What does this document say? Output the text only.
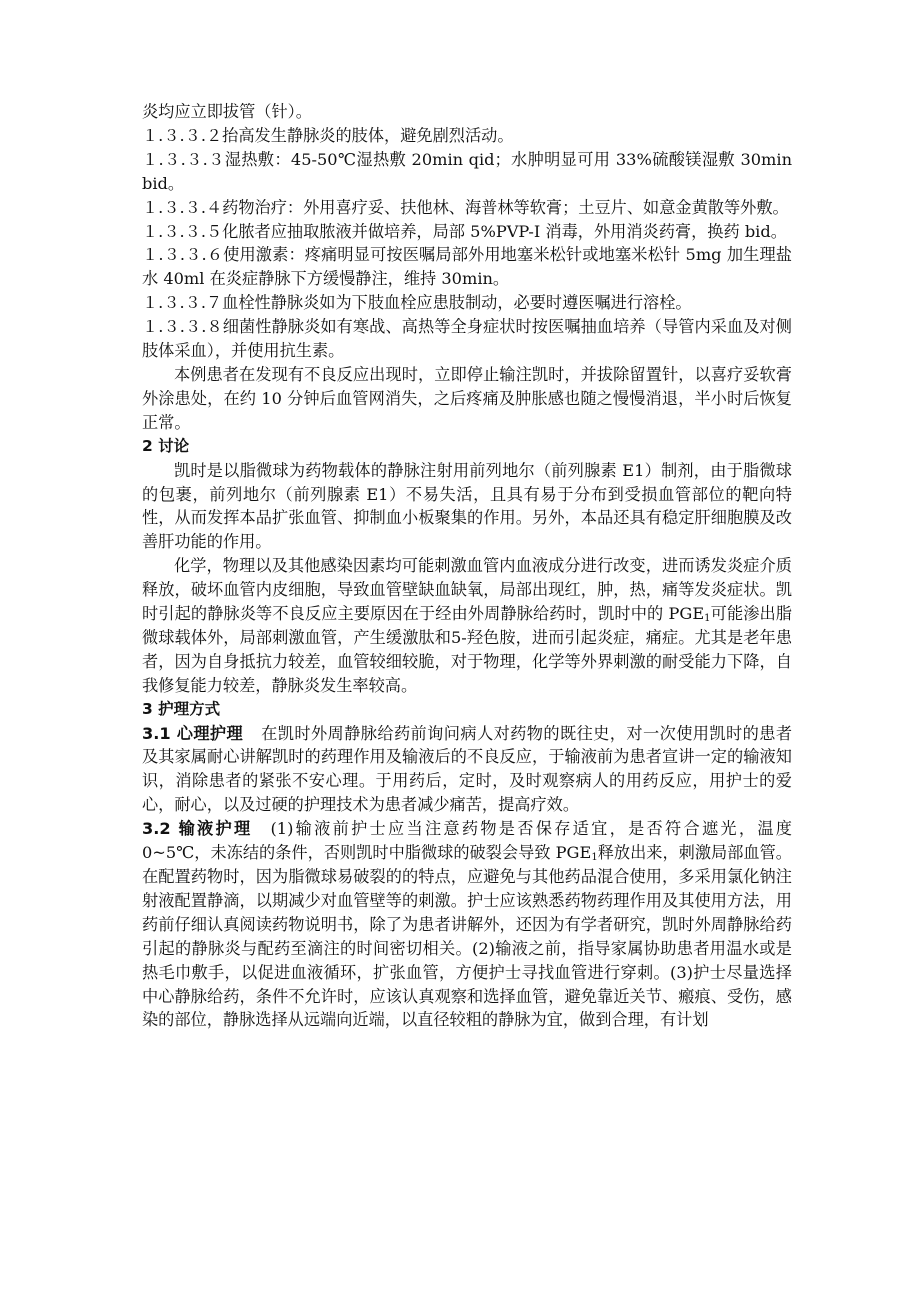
炎均应立即拔管（针）。

１.３.３.２抬高发生静脉炎的肢体，避免剧烈活动。

１.３.３.３湿热敷：45-50℃湿热敷 20min qid；水肿明显可用 33%硫酸镁湿敷 30min bid。

１.３.３.４药物治疗：外用喜疗妥、扶他林、海普林等软膏；土豆片、如意金黄散等外敷。

１.３.３.５化脓者应抽取脓液并做培养，局部 5%PVP-I 消毒，外用消炎药膏，换药 bid。

１.３.３.６使用激素：疼痛明显可按医嘱局部外用地塞米松针或地塞米松针 5mg 加生理盐水 40ml 在炎症静脉下方缓慢静注，维持 30min。

１.３.３.７血栓性静脉炎如为下肢血栓应患肢制动，必要时遵医嘱进行溶栓。

１.３.３.８细菌性静脉炎如有寒战、高热等全身症状时按医嘱抽血培养（导管内采血及对侧肢体采血），并使用抗生素。

本例患者在发现有不良反应出现时，立即停止输注凯时，并拔除留置针，以喜疗妥软膏外涂患处，在约 10 分钟后血管网消失，之后疼痛及肿胀感也随之慢慢消退，半小时后恢复正常。

2 讨论

凯时是以脂微球为药物载体的静脉注射用前列地尔（前列腺素 E1）制剂，由于脂微球的包裹，前列地尔（前列腺素 E1）不易失活，且具有易于分布到受损血管部位的靶向特性，从而发挥本品扩张血管、抑制血小板聚集的作用。另外，本品还具有稳定肝细胞膜及改善肝功能的作用。

化学，物理以及其他感染因素均可能刺激血管内血液成分进行改变，进而诱发炎症介质释放，破坏血管内皮细胞，导致血管壁缺血缺氧，局部出现红，肿，热，痛等发炎症状。凯时引起的静脉炎等不良反应主要原因在于经由外周静脉给药时，凯时中的 $PGE_1$可能渗出脂微球载体外，局部刺激血管，产生缓激肽和5-羟色胺，进而引起炎症，痛症。尤其是老年患者，因为自身抵抗力较差，血管较细较脆，对于物理，化学等外界刺激的耐受能力下降，自我修复能力较差，静脉炎发生率较高。

3 护理方式

3.1 心理护理 在凯时外周静脉给药前询问病人对药物的既往史，对一次使用凯时的患者及其家属耐心讲解凯时的药理作用及输液后的不良反应，于输液前为患者宣讲一定的输液知识，消除患者的紧张不安心理。于用药后，定时，及时观察病人的用药反应，用护士的爱心，耐心，以及过硬的护理技术为患者减少痛苦，提高疗效。

3.2 输液护理 (1)输液前护士应当注意药物是否保存适宜，是否符合遮光，温度 0~5℃，未冻结的条件，否则凯时中脂微球的破裂会导致 $PGE_1$释放出来，刺激局部血管。在配置药物时，因为脂微球易破裂的的特点，应避免与其他药品混合使用，多采用氯化钠注射液配置静滴，以期减少对血管壁等的刺激。护士应该熟悉药物药理作用及其使用方法，用药前仔细认真阅读药物说明书，除了为患者讲解外，还因为有学者研究，凯时外周静脉给药引起的静脉炎与配药至滴注的时间密切相关。(2)输液之前，指导家属协助患者用温水或是热毛巾敷手，以促进血液循环，扩张血管，方便护士寻找血管进行穿刺。(3)护士尽量选择中心静脉给药，条件不允许时，应该认真观察和选择血管，避免靠近关节、瘢痕、受伤，感染的部位，静脉选择从远端向近端，以直径较粗的静脉为宜，做到合理，有计划
